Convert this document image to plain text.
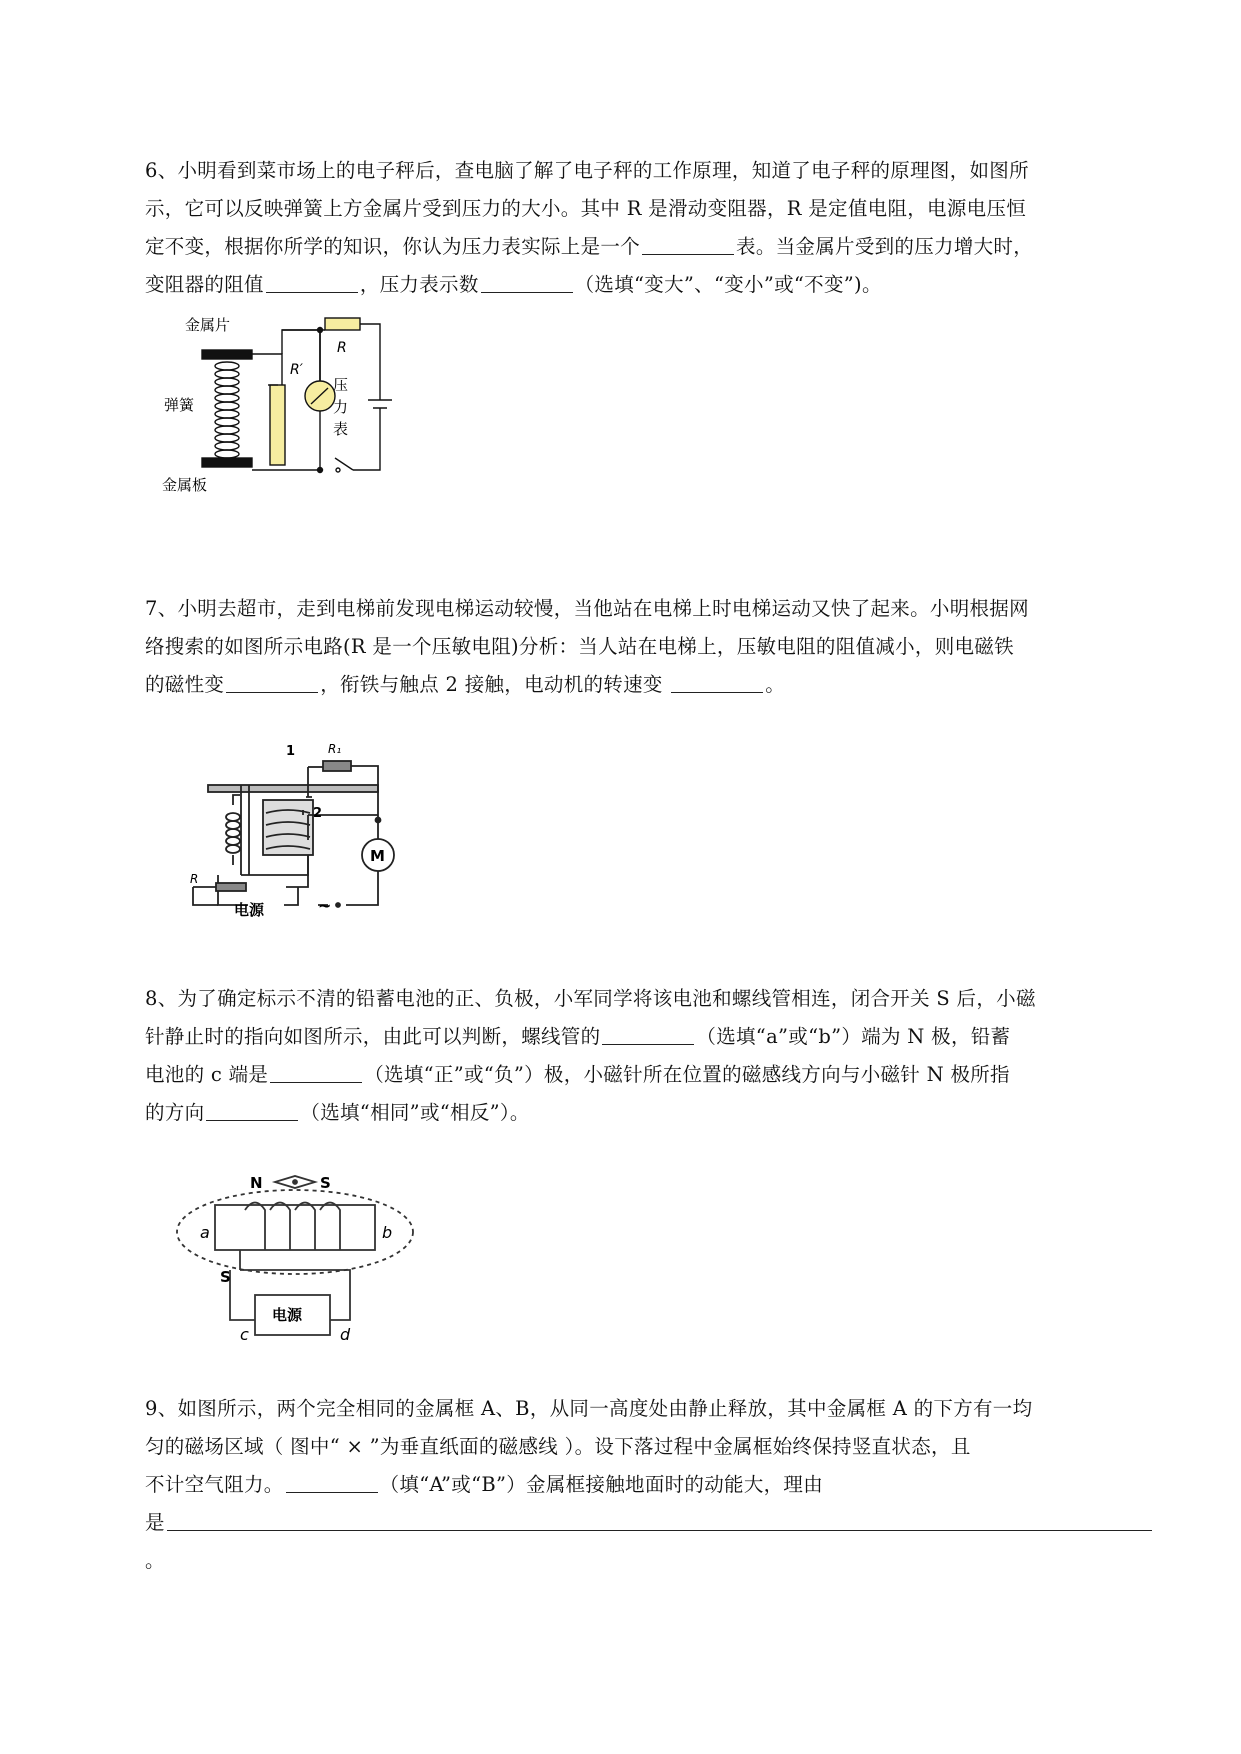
6、小明看到菜市场上的电子秤后，查电脑了解了电子秤的工作原理，知道了电子秤的原理图，如图所
示，它可以反映弹簧上方金属片受到压力的大小。其中 R 是滑动变阻器，R 是定值电阻，电源电压恒
定不变，根据你所学的知识，你认为压力表实际上是一个	表。当金属片受到的压力增大时，
变阻器的阻值	，压力表示数	（选填“变大”、“变小”或“不变”)。
金属片
弹簧
金属板
R′
R
压
力
表
7、小明去超市，走到电梯前发现电梯运动较慢，当他站在电梯上时电梯运动又快了起来。小明根据网
络搜索的如图所示电路(R 是一个压敏电阻)分析：当人站在电梯上，压敏电阻的阻值减小，则电磁铁
的磁性变	，衔铁与触点 2 接触，电动机的转速变	。
1
2
R₁
R
电源	~
M
8、为了确定标示不清的铅蓄电池的正、负极，小军同学将该电池和螺线管相连，闭合开关 S 后，小磁
针静止时的指向如图所示，由此可以判断，螺线管的	（选填“a”或“b”）端为 N 极，铅蓄
电池的 c 端是	（选填“正”或“负”）极，小磁针所在位置的磁感线方向与小磁针 N 极所指
的方向	（选填“相同”或“相反”）。
N	S
a	b
S
电源
c	d
9、如图所示，两个完全相同的金属框 A、B，从同一高度处由静止释放，其中金属框 A 的下方有一均
匀的磁场区域（ 图中“ × ”为垂直纸面的磁感线 ）。设下落过程中金属框始终保持竖直状态，且
不计空气阻力。	（填“A”或“B”）金属框接触地面时的动能大，理由
是
。
